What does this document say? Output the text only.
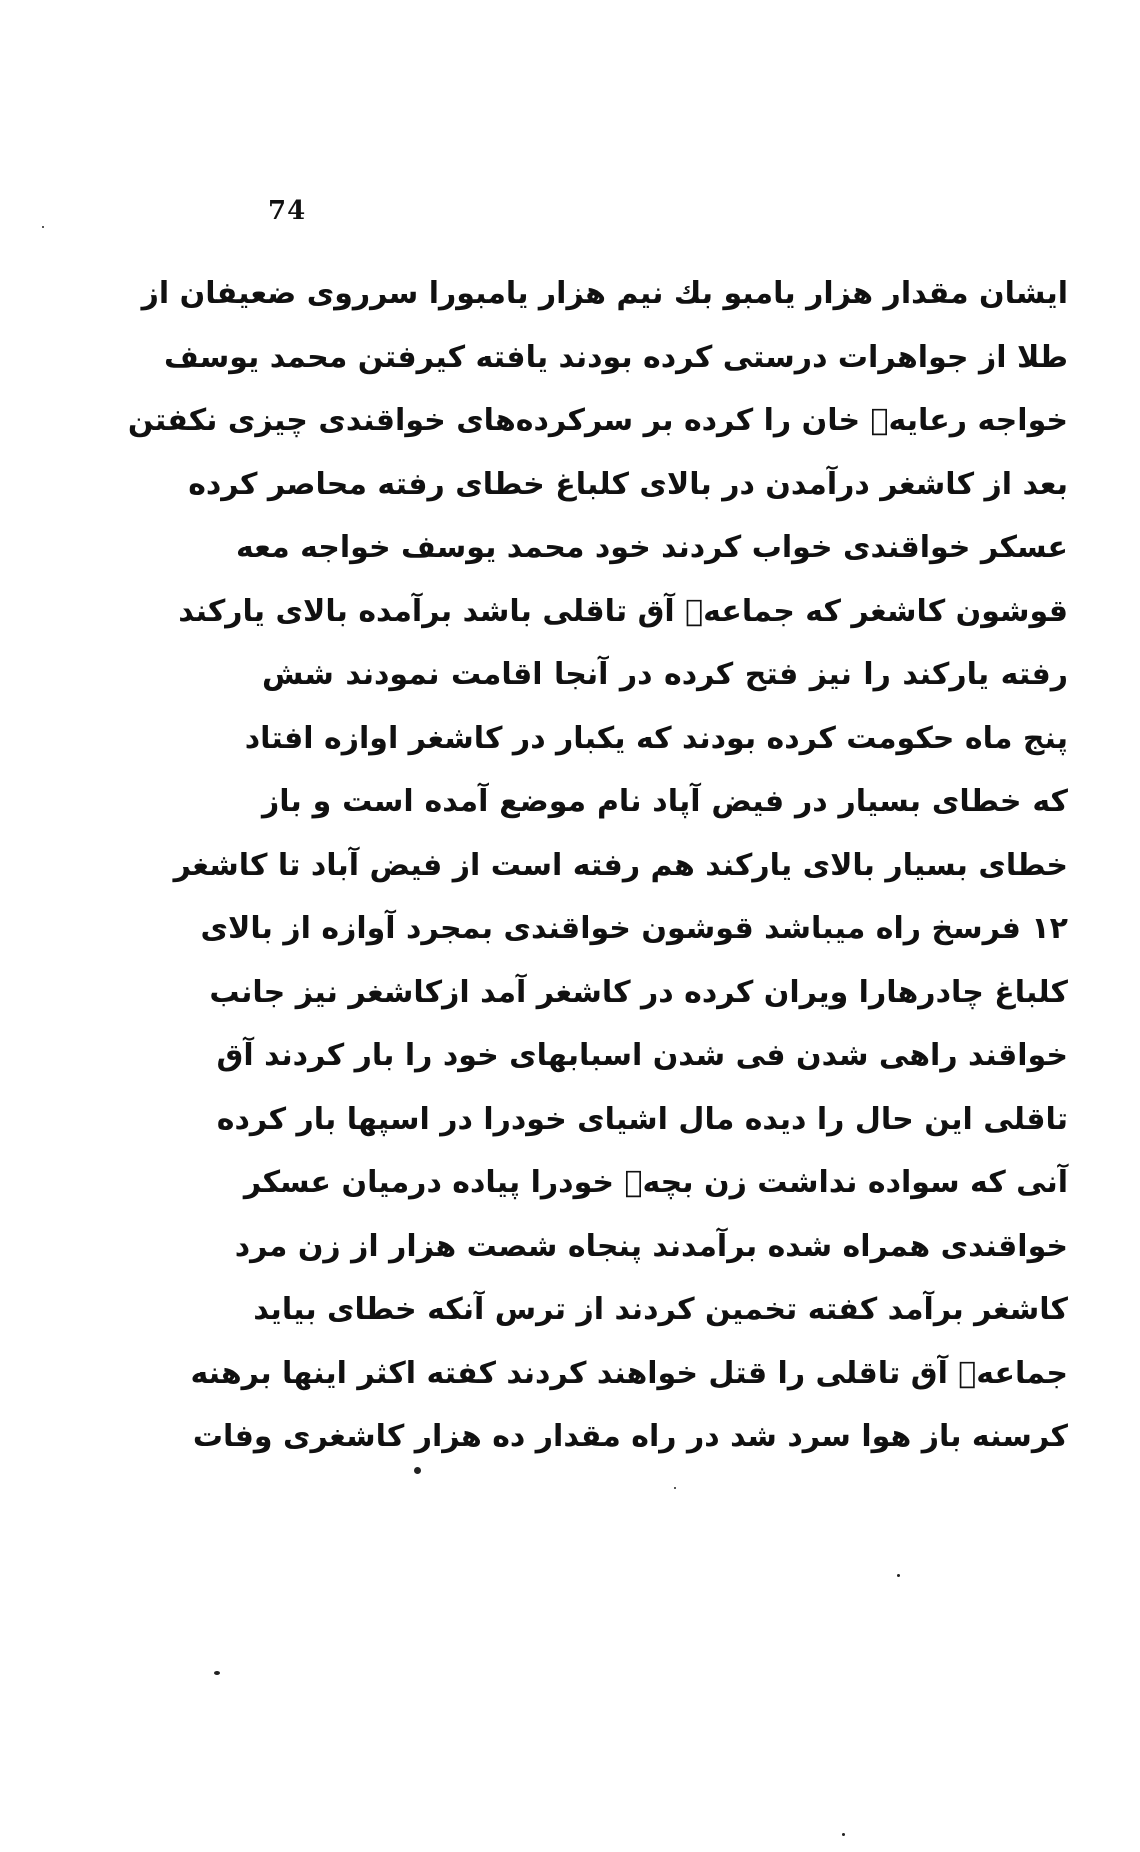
74
ایشان مقدار هزار یامبو بك نیم هزار یامبورا سرروی ضعیفان از
طلا از جواهرات درستی کرده بودند یافته کیرفتن محمد یوسف
خواجه رعایه٘ خان را کرده بر سرکرده‌های خواقندی چیزی نکفتن
بعد از کاشغر درآمدن در بالای کلباغ خطای رفته محاصر کرده
عسکر خواقندی خواب کردند خود محمد یوسف خواجه معه
قوشون کاشغر که جماعه٘ آق تاقلی باشد برآمده بالای یارکند
رفته یارکند را نیز فتح کرده در آنجا اقامت نمودند شش
پنج ماه حکومت کرده بودند که یکبار در کاشغر اوازه افتاد
که خطای بسیار در فیض آپاد نام موضع آمده است و باز
خطای بسیار بالای یارکند هم رفته است از فیض آباد تا کاشغر
۱۲ فرسخ راه میباشد قوشون خواقندی بمجرد آوازه از بالای
کلباغ چادرهارا ویران کرده در کاشغر آمد ازکاشغر نیز جانب
خواقند راهی شدن فی شدن اسبابهای خود را بار کردند آق
تاقلی این حال را دیده مال اشیای خودرا در اسپها بار کرده
آنی که سواده نداشت زن بچه٘ خودرا پیاده درمیان عسکر
خواقندی همراه شده برآمدند پنجاه شصت هزار از زن مرد
کاشغر برآمد کفته تخمین کردند از ترس آنکه خطای بیاید
جماعه٘ آق تاقلی را قتل خواهند کردند کفته اکثر اینها برهنه
کرسنه باز هوا سرد شد در راه مقدار ده هزار کاشغری وفات
